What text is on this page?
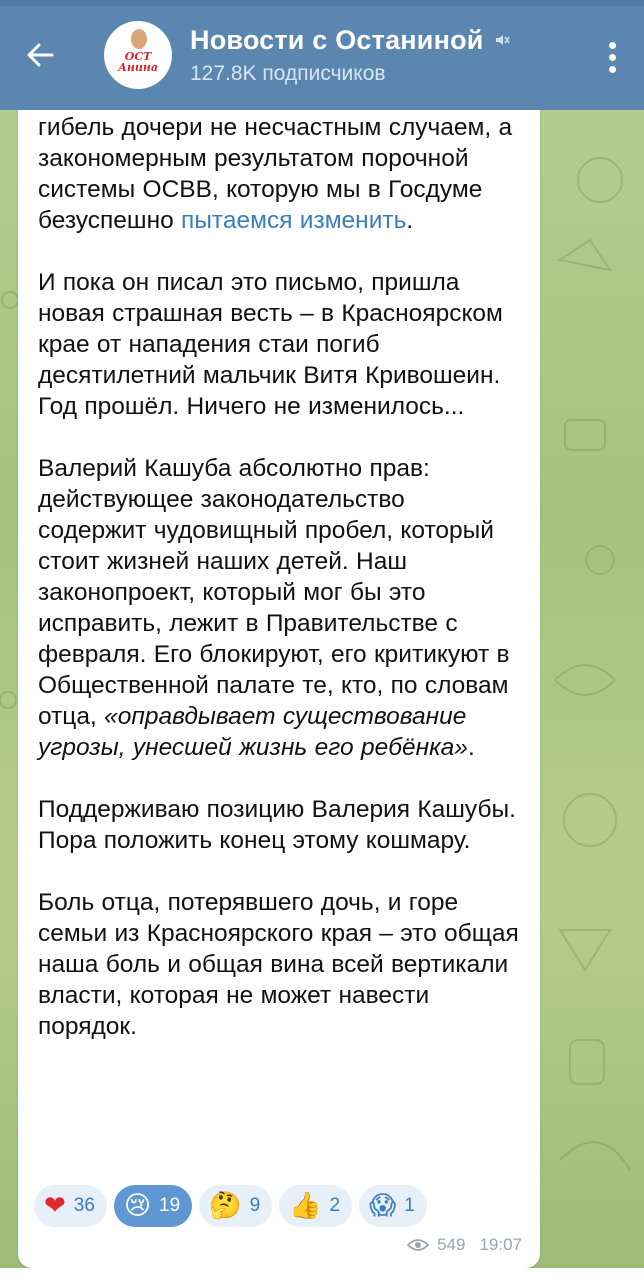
ОСТ
Анина
Новости с Останиной
127.8K подписчиков

гибель дочери не несчастным случаем, а закономерным результатом порочной системы ОСВВ, которую мы в Госдуме безуспешно пытаемся изменить.

И пока он писал это письмо, пришла новая страшная весть – в Красноярском крае от нападения стаи погиб десятилетний мальчик Витя Кривошеин. Год прошёл. Ничего не изменилось...

Валерий Кашуба абсолютно прав: действующее законодательство содержит чудовищный пробел, который стоит жизней наших детей. Наш законопроект, который мог бы это исправить, лежит в Правительстве с февраля. Его блокируют, его критикуют в Общественной палате те, кто, по словам отца, «оправдывает существование угрозы, унесшей жизнь его ребёнка».

Поддерживаю позицию Валерия Кашубы. Пора положить конец этому кошмару.

Боль отца, потерявшего дочь, и горе семьи из Красноярского края – это общая наша боль и общая вина всей вертикали власти, которая не может навести порядок.

❤ 36 😢 19 🤔 9 👍 2 😱 1
549 19:07
